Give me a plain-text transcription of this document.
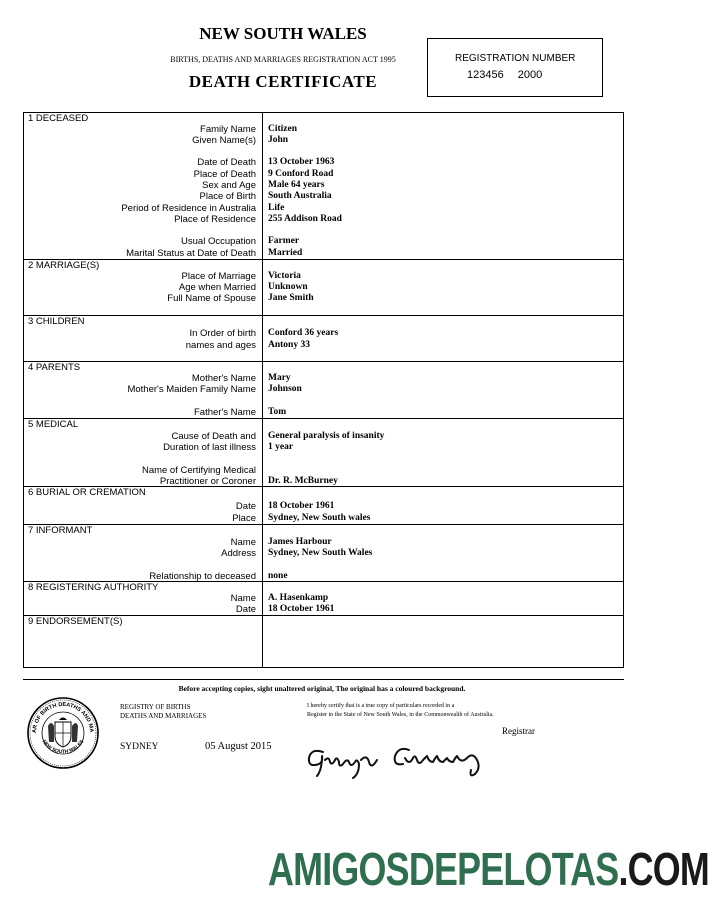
NEW SOUTH WALES
BIRTHS, DEATHS AND MARRIAGES REGISTRATION ACT 1995
DEATH CERTIFICATE
REGISTRATION NUMBER
123456 2000
1 DECEASED
Family Name Citizen
Given Name(s) John
Date of Death 13 October 1963
Place of Death 9 Conford Road
Sex and Age Male 64 years
Place of Birth South Australia
Period of Residence in Australia Life
Place of Residence 255 Addison Road
Usual Occupation Farmer
Marital Status at Date of Death Married
2 MARRIAGE(S)
Place of Marriage Victoria
Age when Married Unknown
Full Name of Spouse Jane Smith
3 CHILDREN
In Order of birth Conford 36 years
names and ages Antony 33
4 PARENTS
Mother's Name Mary
Mother's Maiden Family Name Johnson
Father's Name Tom
5 MEDICAL
Cause of Death and General paralysis of insanity
Duration of last illness 1 year
Name of Certifying Medical
Practitioner or Coroner Dr. R. McBurney
6 BURIAL OR CREMATION
Date 18 October 1961
Place Sydney, New South wales
7 INFORMANT
Name James Harbour
Address Sydney, New South Wales
Relationship to deceased none
8 REGISTERING AUTHORITY
Name A. Hasenkamp
Date 18 October 1961
9 ENDORSEMENT(S)
Before accepting copies, sight unaltered original, The original has a coloured background.
AR OF BIRTH DEATHS AND MA
NEW SOUTH WALES
REGISTRY OF BIRTHS
DEATHS AND MARRIAGES
I hereby certify that is a true copy of particulars recorded in a
Register in the State of New South Wales, in the Commonwealth of Australia.
Registrar
SYDNEY	05 August 2015
AMIGOSDEPELOTAS.COM
